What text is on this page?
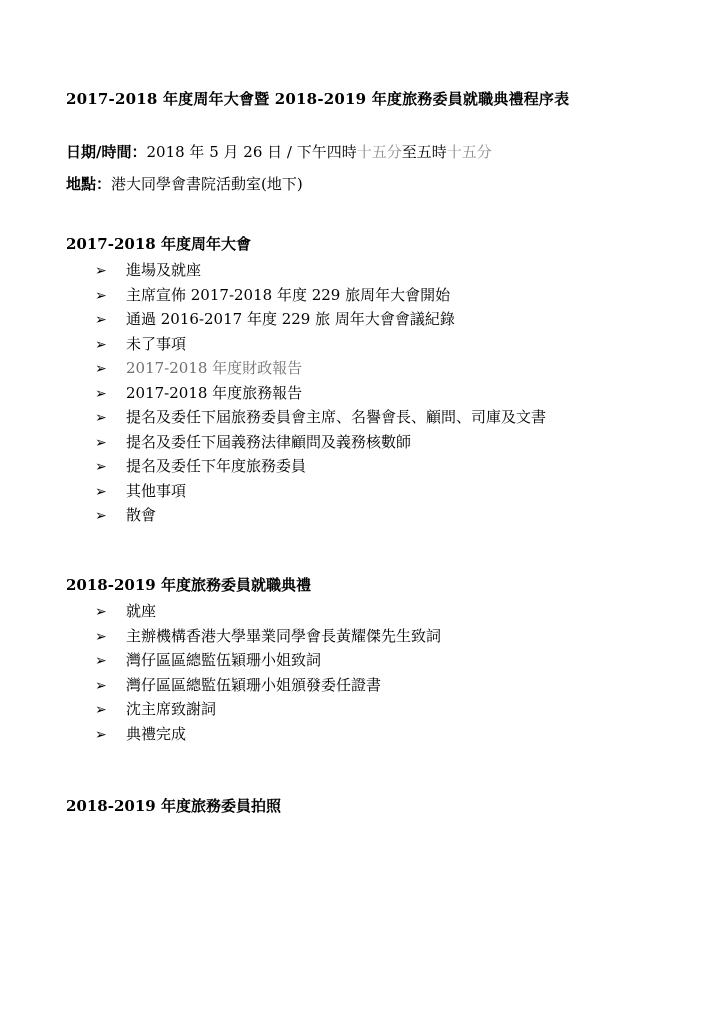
2017-2018 年度周年大會暨 2018-2019 年度旅務委員就職典禮程序表
日期/時間：2018 年 5 月 26 日 / 下午四時十五分至五時十五分
地點：港大同學會書院活動室(地下)
2017-2018 年度周年大會
➢ 進場及就座
➢ 主席宣佈 2017-2018 年度 229 旅周年大會開始
➢ 通過 2016-2017 年度 229 旅 周年大會會議紀錄
➢ 未了事項
➢ 2017-2018 年度財政報告
➢ 2017-2018 年度旅務報告
➢ 提名及委任下屆旅務委員會主席、名譽會長、顧問、司庫及文書
➢ 提名及委任下屆義務法律顧問及義務核數師
➢ 提名及委任下年度旅務委員
➢ 其他事項
➢ 散會
2018-2019 年度旅務委員就職典禮
➢ 就座
➢ 主辦機構香港大學畢業同學會長黃耀傑先生致詞
➢ 灣仔區區總監伍穎珊小姐致詞
➢ 灣仔區區總監伍穎珊小姐頒發委任證書
➢ 沈主席致謝詞
➢ 典禮完成
2018-2019 年度旅務委員拍照
